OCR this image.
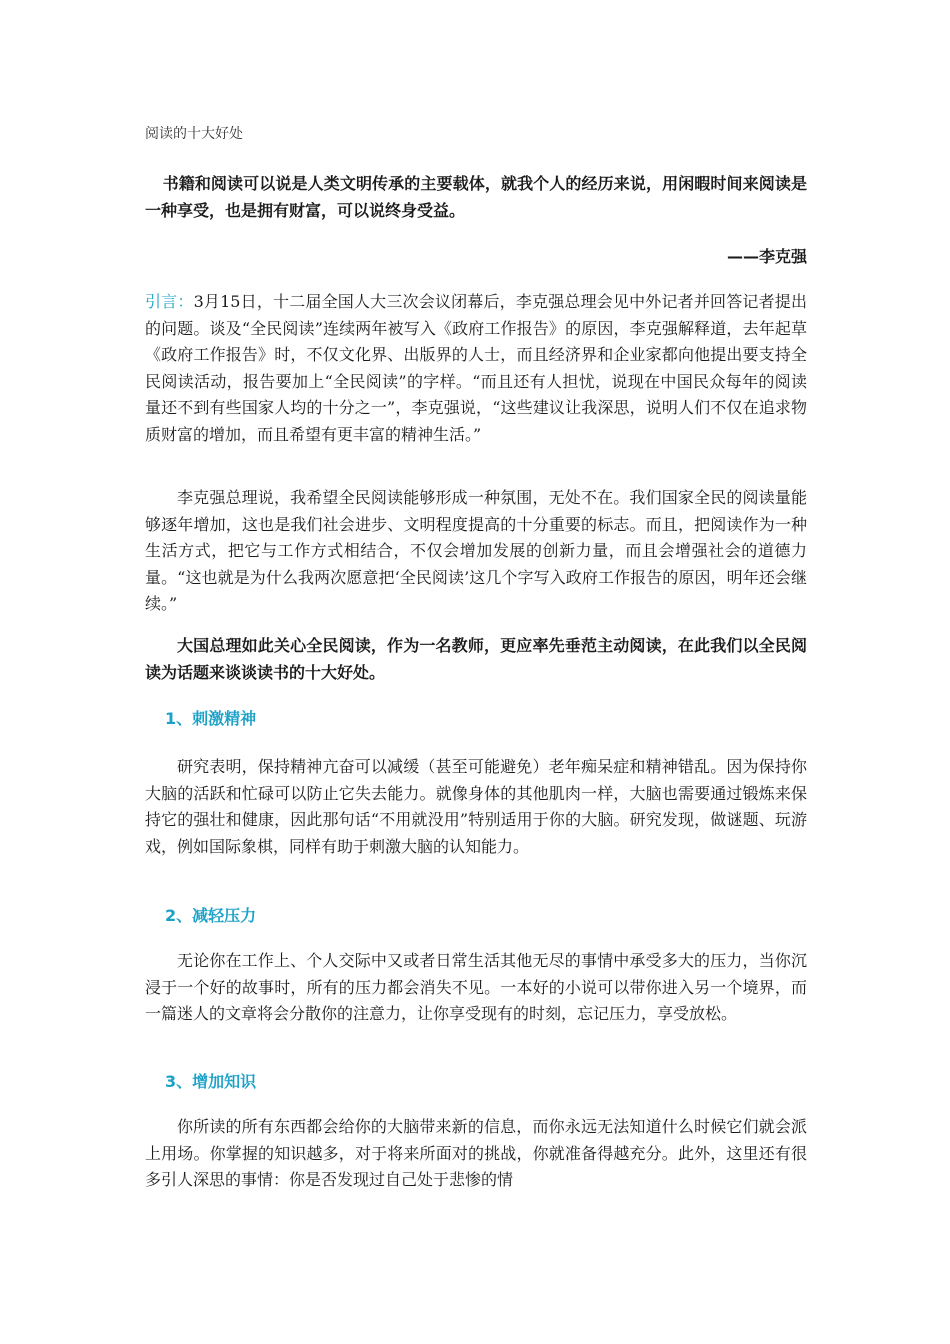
阅读的十大好处

书籍和阅读可以说是人类文明传承的主要载体，就我个人的经历来说，用闲暇时间来阅读是一种享受，也是拥有财富，可以说终身受益。

——李克强

引言：3月15日，十二届全国人大三次会议闭幕后，李克强总理会见中外记者并回答记者提出的问题。谈及“全民阅读”连续两年被写入《政府工作报告》的原因，李克强解释道，去年起草《政府工作报告》时，不仅文化界、出版界的人士，而且经济界和企业家都向他提出要支持全民阅读活动，报告要加上“全民阅读”的字样。“而且还有人担忧，说现在中国民众每年的阅读量还不到有些国家人均的十分之一”，李克强说，“这些建议让我深思，说明人们不仅在追求物质财富的增加，而且希望有更丰富的精神生活。”

李克强总理说，我希望全民阅读能够形成一种氛围，无处不在。我们国家全民的阅读量能够逐年增加，这也是我们社会进步、文明程度提高的十分重要的标志。而且，把阅读作为一种生活方式，把它与工作方式相结合，不仅会增加发展的创新力量，而且会增强社会的道德力量。“这也就是为什么我两次愿意把‘全民阅读’这几个字写入政府工作报告的原因，明年还会继续。”

大国总理如此关心全民阅读，作为一名教师，更应率先垂范主动阅读，在此我们以全民阅读为话题来谈谈读书的十大好处。

1、刺激精神

研究表明，保持精神亢奋可以减缓（甚至可能避免）老年痴呆症和精神错乱。因为保持你大脑的活跃和忙碌可以防止它失去能力。就像身体的其他肌肉一样，大脑也需要通过锻炼来保持它的强壮和健康，因此那句话“不用就没用”特别适用于你的大脑。研究发现，做谜题、玩游戏，例如国际象棋，同样有助于刺激大脑的认知能力。

2、减轻压力

无论你在工作上、个人交际中又或者日常生活其他无尽的事情中承受多大的压力，当你沉浸于一个好的故事时，所有的压力都会消失不见。一本好的小说可以带你进入另一个境界，而一篇迷人的文章将会分散你的注意力，让你享受现有的时刻，忘记压力，享受放松。

3、增加知识

你所读的所有东西都会给你的大脑带来新的信息，而你永远无法知道什么时候它们就会派上用场。你掌握的知识越多，对于将来所面对的挑战，你就准备得越充分。此外，这里还有很多引人深思的事情：你是否发现过自己处于悲惨的情
